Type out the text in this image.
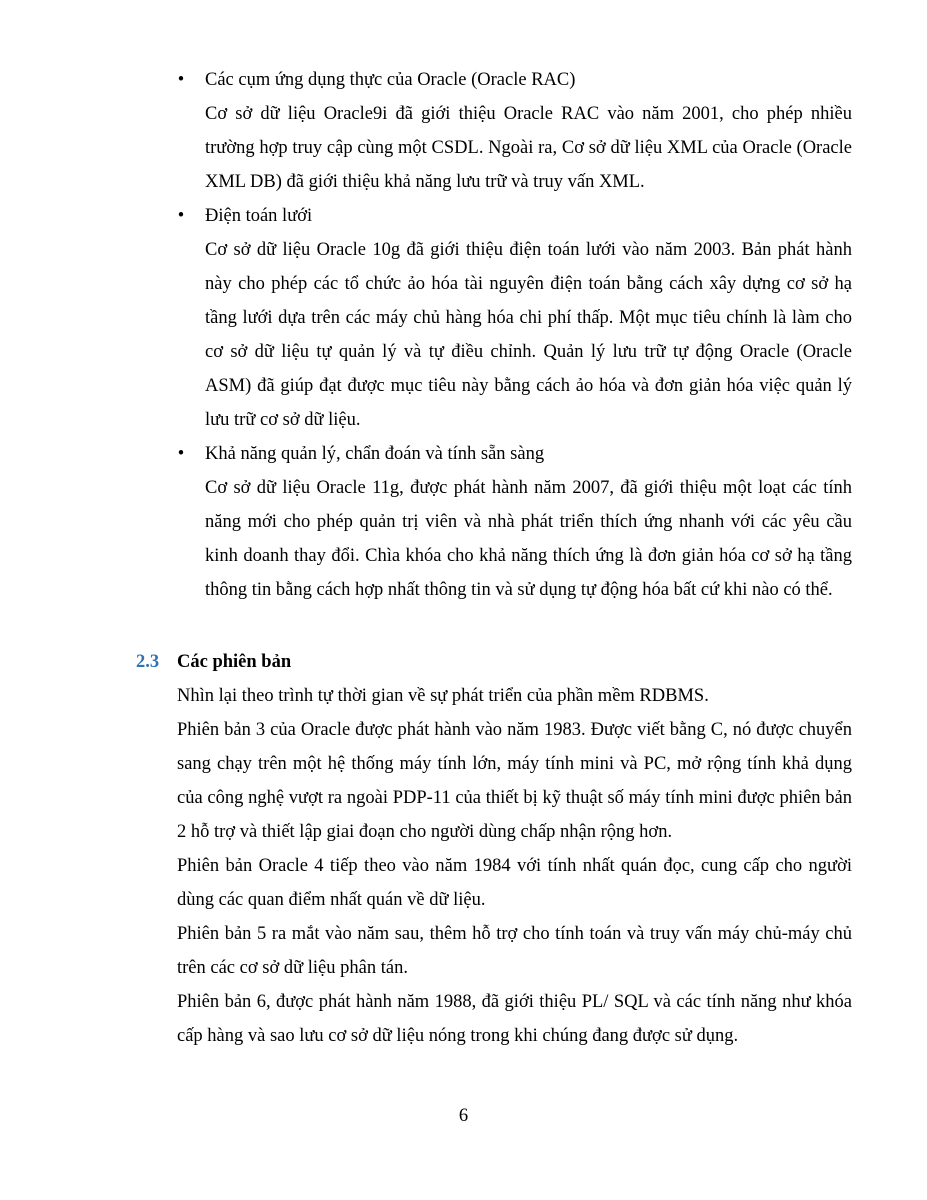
• Các cụm ứng dụng thực của Oracle (Oracle RAC)
Cơ sở dữ liệu Oracle9i đã giới thiệu Oracle RAC vào năm 2001, cho phép nhiều trường hợp truy cập cùng một CSDL. Ngoài ra, Cơ sở dữ liệu XML của Oracle (Oracle XML DB) đã giới thiệu khả năng lưu trữ và truy vấn XML.
• Điện toán lưới
Cơ sở dữ liệu Oracle 10g đã giới thiệu điện toán lưới vào năm 2003. Bản phát hành này cho phép các tổ chức ảo hóa tài nguyên điện toán bằng cách xây dựng cơ sở hạ tầng lưới dựa trên các máy chủ hàng hóa chi phí thấp. Một mục tiêu chính là làm cho cơ sở dữ liệu tự quản lý và tự điều chỉnh. Quản lý lưu trữ tự động Oracle (Oracle ASM) đã giúp đạt được mục tiêu này bằng cách ảo hóa và đơn giản hóa việc quản lý lưu trữ cơ sở dữ liệu.
• Khả năng quản lý, chẩn đoán và tính sẵn sàng
Cơ sở dữ liệu Oracle 11g, được phát hành năm 2007, đã giới thiệu một loạt các tính năng mới cho phép quản trị viên và nhà phát triển thích ứng nhanh với các yêu cầu kinh doanh thay đổi. Chìa khóa cho khả năng thích ứng là đơn giản hóa cơ sở hạ tầng thông tin bằng cách hợp nhất thông tin và sử dụng tự động hóa bất cứ khi nào có thể.
2.3 Các phiên bản
Nhìn lại theo trình tự thời gian về sự phát triển của phần mềm RDBMS.
Phiên bản 3 của Oracle được phát hành vào năm 1983. Được viết bằng C, nó được chuyển sang chạy trên một hệ thống máy tính lớn, máy tính mini và PC, mở rộng tính khả dụng của công nghệ vượt ra ngoài PDP-11 của thiết bị kỹ thuật số máy tính mini được phiên bản 2 hỗ trợ và thiết lập giai đoạn cho người dùng chấp nhận rộng hơn.
Phiên bản Oracle 4 tiếp theo vào năm 1984 với tính nhất quán đọc, cung cấp cho người dùng các quan điểm nhất quán về dữ liệu.
Phiên bản 5 ra mắt vào năm sau, thêm hỗ trợ cho tính toán và truy vấn máy chủ-máy chủ trên các cơ sở dữ liệu phân tán.
Phiên bản 6, được phát hành năm 1988, đã giới thiệu PL/ SQL và các tính năng như khóa cấp hàng và sao lưu cơ sở dữ liệu nóng trong khi chúng đang được sử dụng.
6
